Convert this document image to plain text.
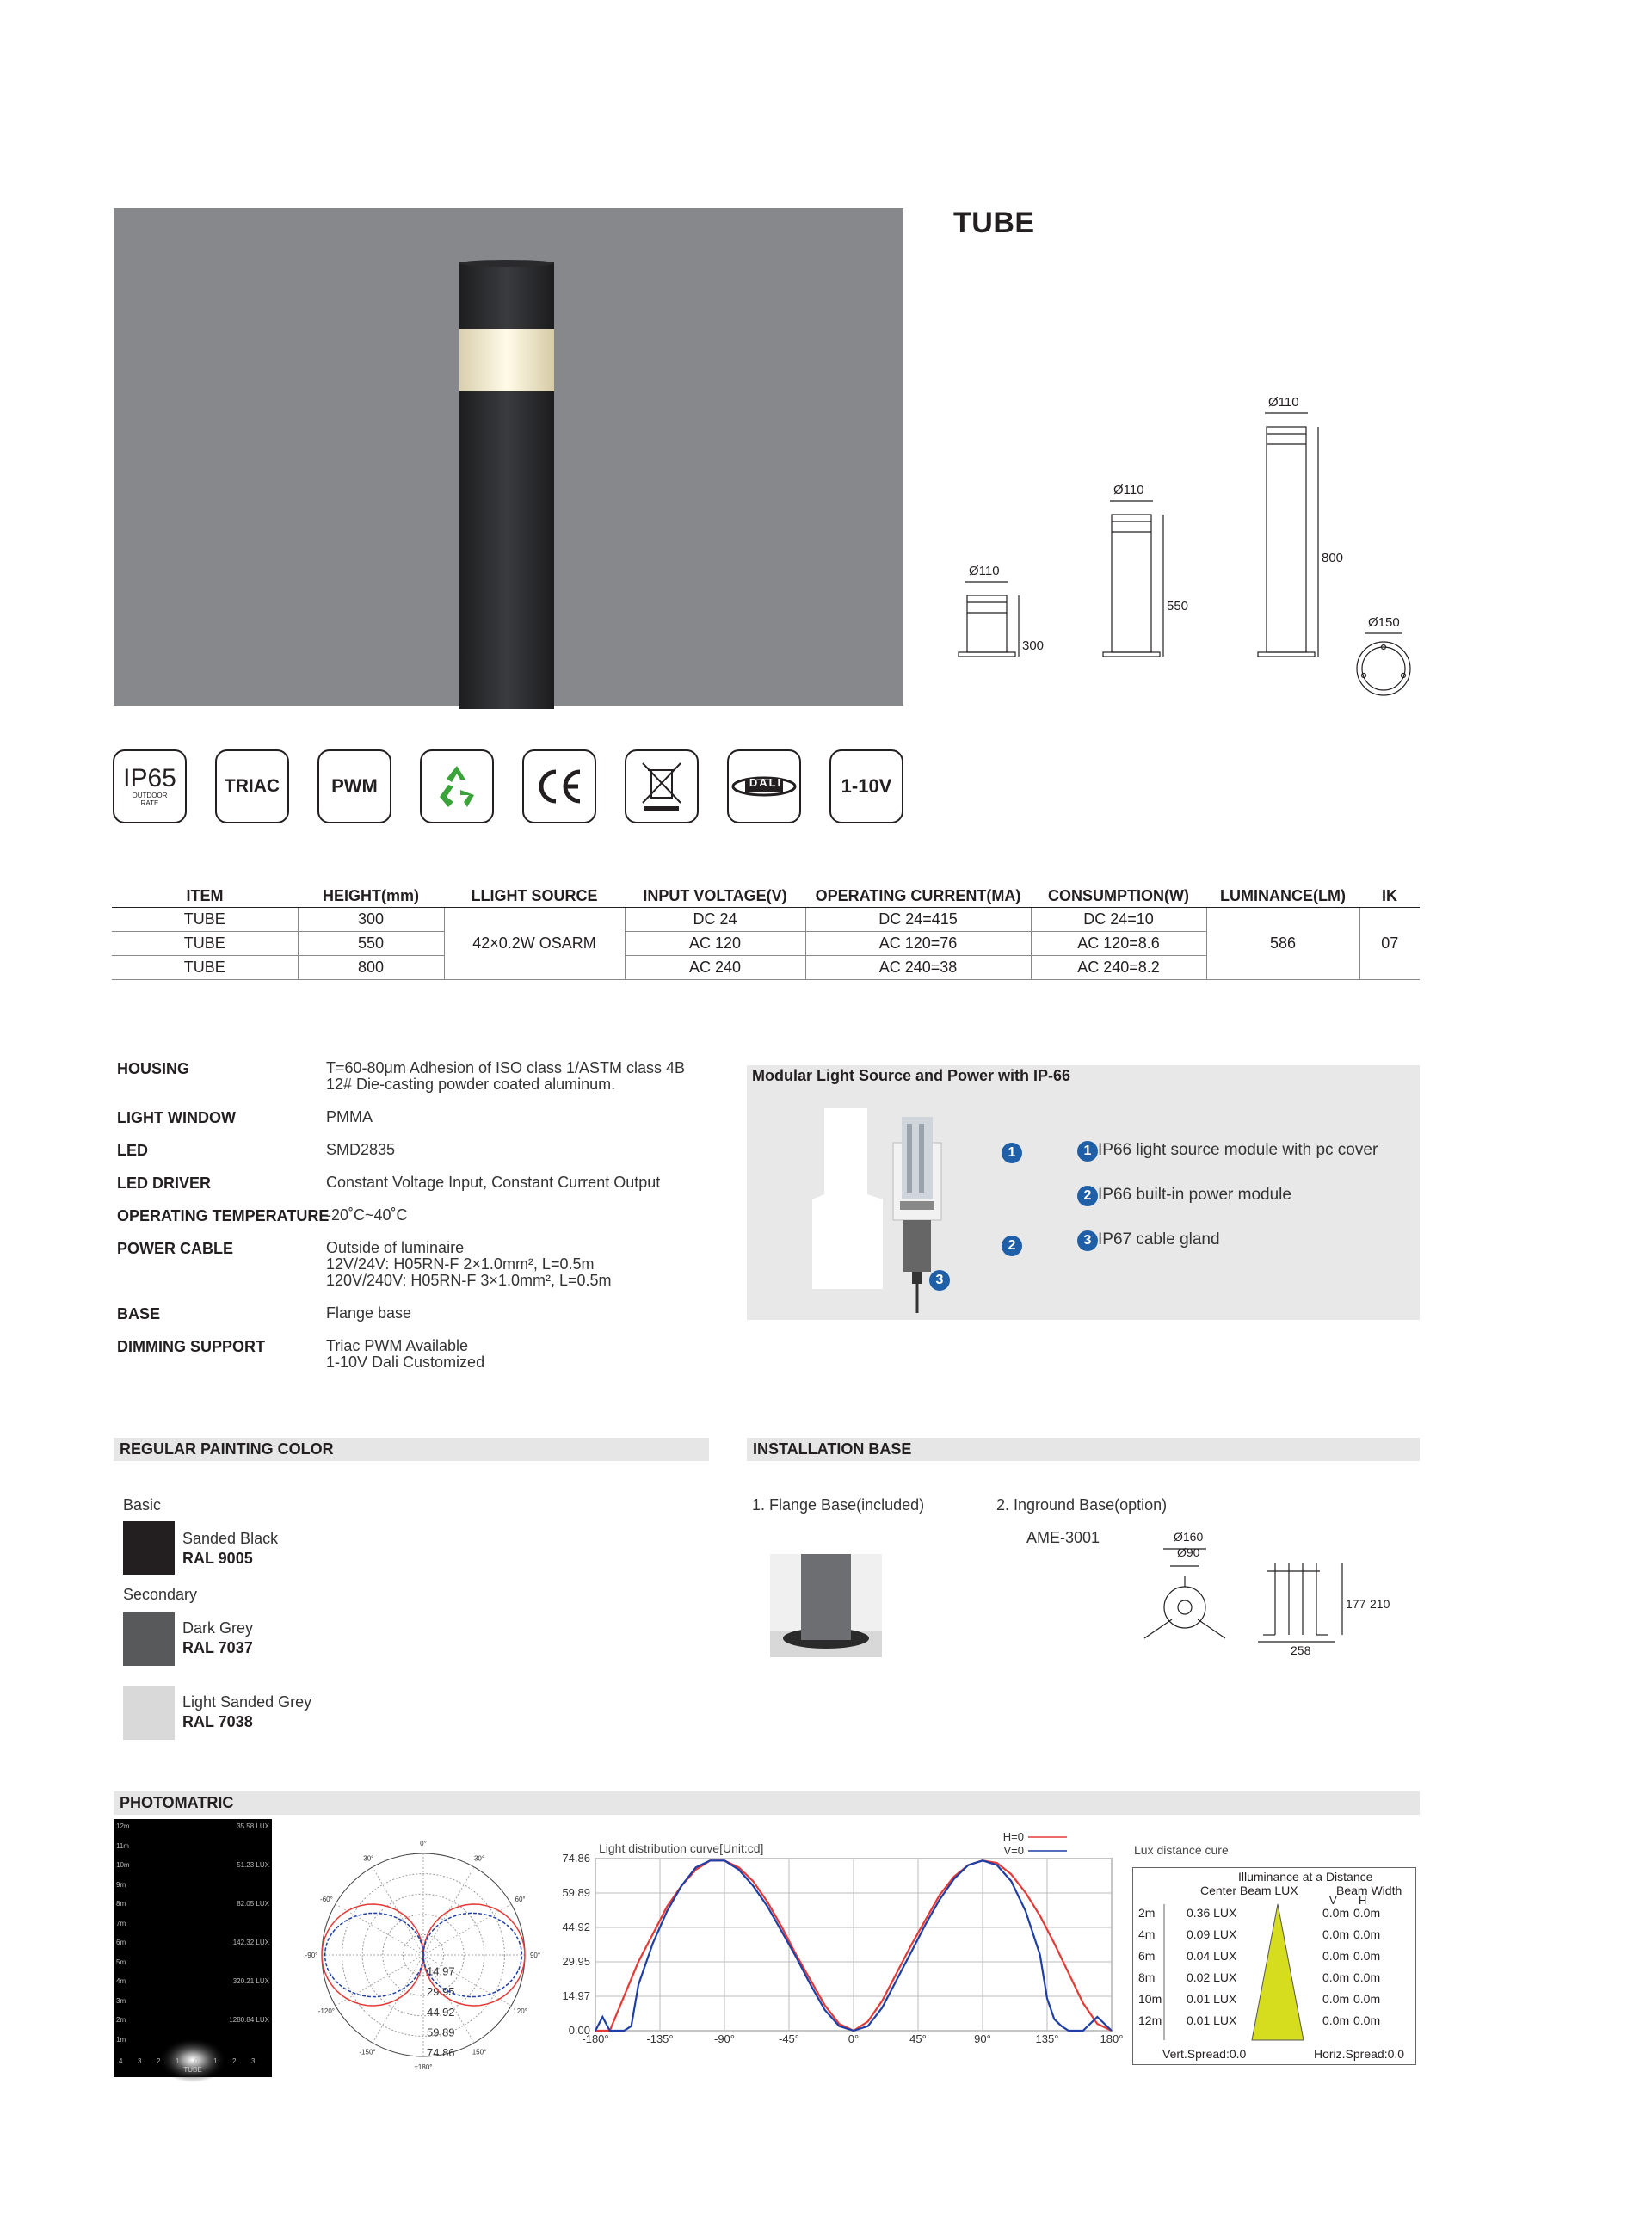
TUBE
Ø110
300
Ø110
550
Ø110
800
Ø150
IP65
OUTDOOR RATE
TRIAC	PWM	DALI	1-10V
ITEM	HEIGHT(mm)	LLIGHT SOURCE	INPUT VOLTAGE(V)	OPERATING CURRENT(MA)	CONSUMPTION(W)	LUMINANCE(LM)	IK
TUBE	300	42×0.2W OSARM	DC 24	DC 24=415	DC 24=10	586	07
TUBE	550		AC 120	AC 120=76	AC 120=8.6		
TUBE	800		AC 240	AC 240=38	AC 240=8.2		
HOUSING	T=60-80μm Adhesion of ISO class 1/ASTM class 4B
12# Die-casting powder coated aluminum.
LIGHT WINDOW	PMMA
LED	SMD2835
LED DRIVER	Constant Voltage Input, Constant Current Output
OPERATING TEMPERATURE
-20˚C~40˚C
POWER CABLE	Outside of luminaire
12V/24V: H05RN-F 2×1.0mm², L=0.5m
120V/240V: H05RN-F 3×1.0mm², L=0.5m
BASE	Flange base
DIMMING SUPPORT	Triac PWM Available
1-10V Dali Customized
Modular Light Source and Power with IP-66
1
2
3
1 IP66 light source module with pc cover
2 IP66 built-in power module
3 IP67 cable gland
REGULAR PAINTING COLOR
Basic
Sanded Black
RAL 9005
Secondary
Dark Grey
RAL 7037
Light Sanded Grey
RAL 7038
INSTALLATION BASE
1. Flange Base(included)	2. Inground Base(option)
AME-3001	Ø160
Ø90
177 210
258
PHOTOMATRIC
12m
11m
10m
9m
8m
7m
6m
5m
4m
3m
2m
1m
35.58 LUX
51.23 LUX
82.05 LUX
142.32 LUX
320.21 LUX
1280.84 LUX
4 3 2 1 0 1 2 3
TUBE	±180°
150°
120°
90°
60°
30°
0°
-30°
-60°
-90°
-120°
-150°
14.97
29.95
44.92
59.89
74.86
Light distribution curve[Unit:cd]
-180°	-135°	-90°	-45°	0°	45°	90°	135°	180°
0.00
14.97
29.95
44.92
59.89
74.86
H=0
V=0	Lux distance cure
Illuminance at a Distance
Center Beam LUX	Beam Width
V H
2m	0.36 LUX	0.0m 0.0m
4m	0.09 LUX	0.0m 0.0m
6m	0.04 LUX	0.0m 0.0m
8m	0.02 LUX	0.0m 0.0m
10m 0.01 LUX	0.0m 0.0m
12m 0.01 LUX	0.0m 0.0m
Vert.Spread:0.0	Horiz.Spread:0.0
